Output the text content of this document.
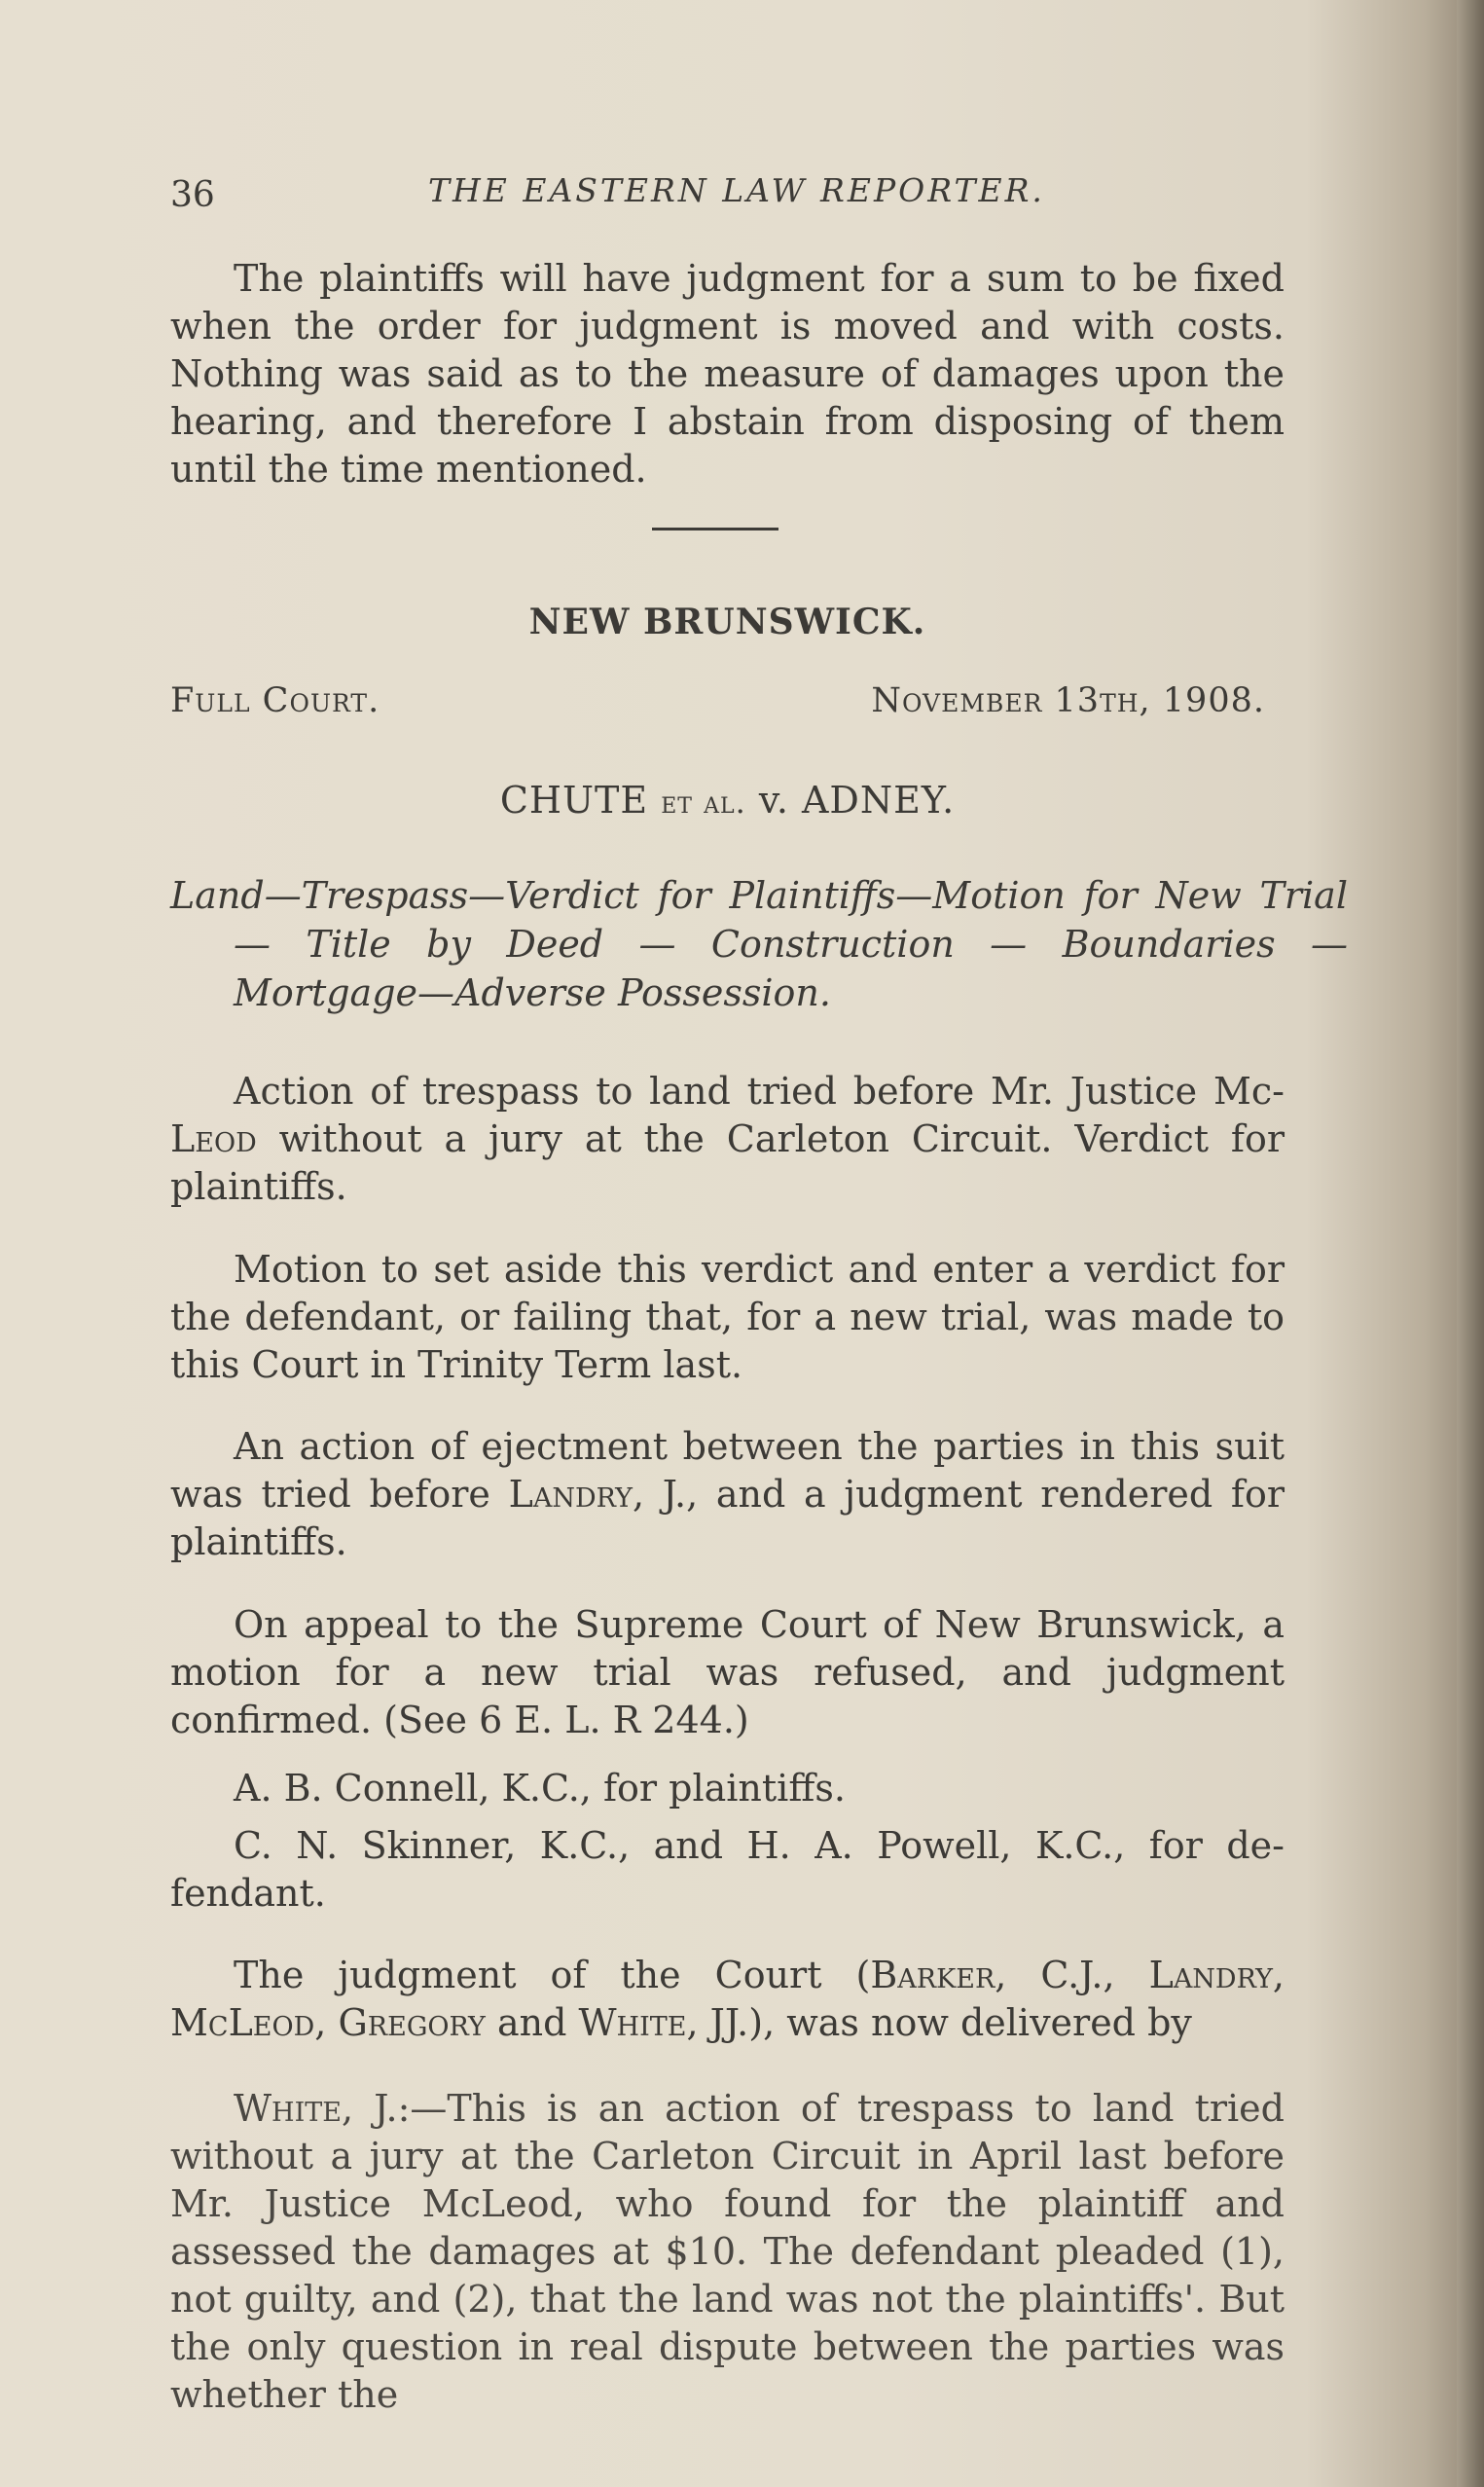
36	THE EASTERN LAW REPORTER.

The plaintiffs will have judgment for a sum to be fixed when the order for judgment is moved and with costs. Nothing was said as to the measure of damages upon the hearing, and therefore I abstain from disposing of them until the time mentioned.

NEW BRUNSWICK.
Full Court.	November 13th, 1908.
CHUTE et al. v. ADNEY.

Land—Trespass—Verdict for Plaintiffs—Motion for New Trial — Title by Deed — Construction — Boundaries — Mortgage—Adverse Possession.

Action of trespass to land tried before Mr. Justice Mc-Leod without a jury at the Carleton Circuit. Verdict for plaintiffs.

Motion to set aside this verdict and enter a verdict for the defendant, or failing that, for a new trial, was made to this Court in Trinity Term last.

An action of ejectment between the parties in this suit was tried before Landry, J., and a judgment rendered for plaintiffs.

On appeal to the Supreme Court of New Brunswick, a motion for a new trial was refused, and judgment confirmed. (See 6 E. L. R 244.)

A. B. Connell, K.C., for plaintiffs.

C. N. Skinner, K.C., and H. A. Powell, K.C., for de-fendant.

The judgment of the Court (Barker, C.J., Landry, McLeod, Gregory and White, JJ.), was now delivered by

White, J.:—This is an action of trespass to land tried without a jury at the Carleton Circuit in April last before Mr. Justice McLeod, who found for the plaintiff and assessed the damages at $10. The defendant pleaded (1), not guilty, and (2), that the land was not the plaintiffs'. But the only question in real dispute between the parties was whether the
